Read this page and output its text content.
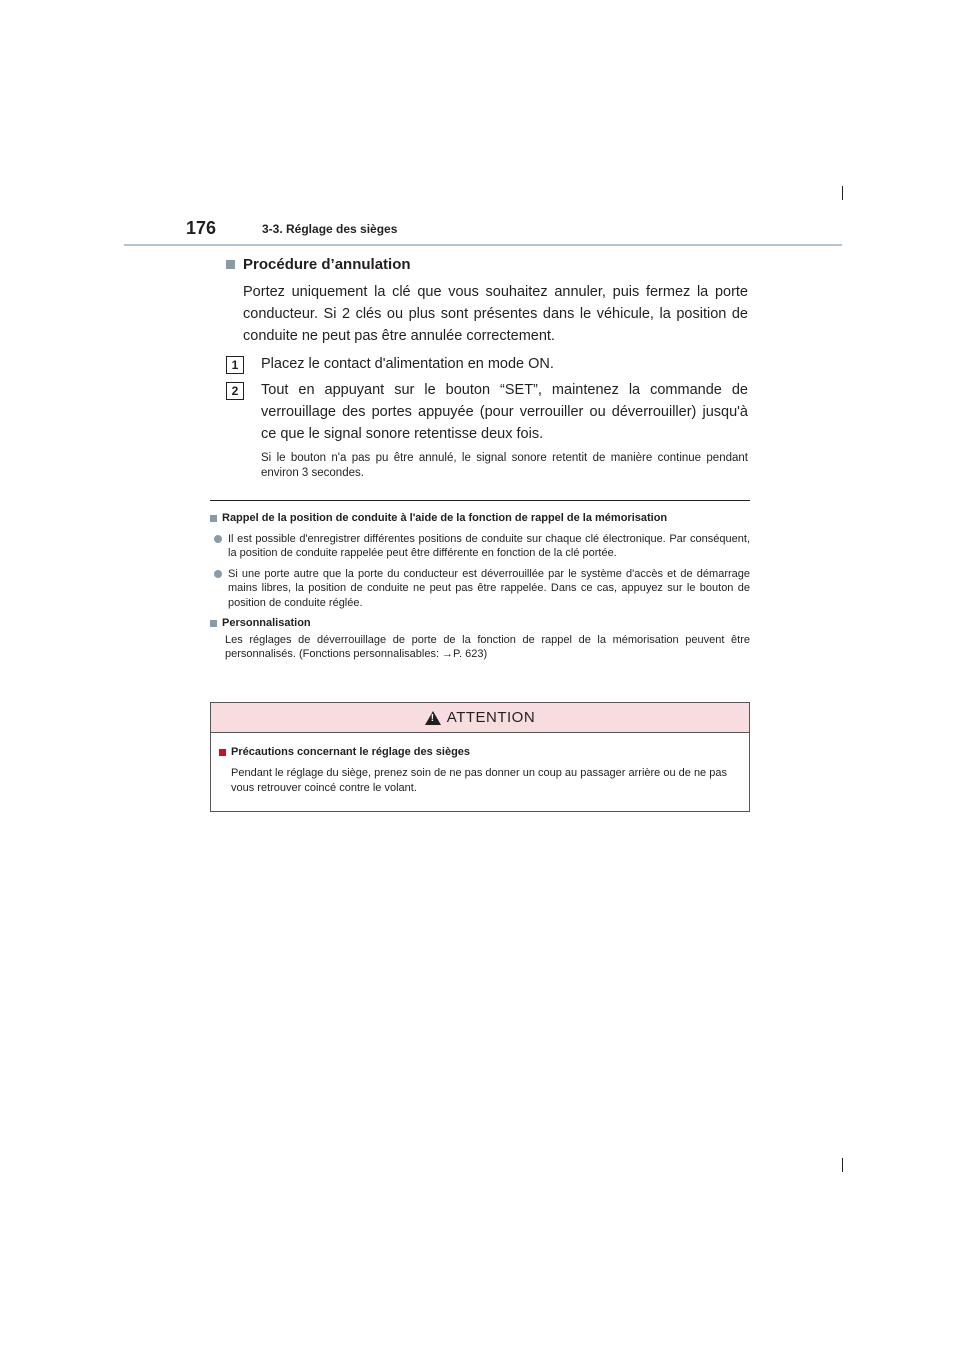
176	3-3. Réglage des sièges
Procédure d’annulation

Portez uniquement la clé que vous souhaitez annuler, puis fermez la porte conducteur. Si 2 clés ou plus sont présentes dans le véhicule, la position de conduite ne peut pas être annulée correctement.

1	Placez le contact d'alimentation en mode ON.
2	Tout en appuyant sur le bouton “SET”, maintenez la commande de verrouillage des portes appuyée (pour verrouiller ou déverrouiller) jusqu'à ce que le signal sonore retentisse deux fois.
Si le bouton n'a pas pu être annulé, le signal sonore retentit de manière continue pendant environ 3 secondes.
Rappel de la position de conduite à l'aide de la fonction de rappel de la mémorisation
Il est possible d'enregistrer différentes positions de conduite sur chaque clé électronique. Par conséquent, la position de conduite rappelée peut être différente en fonction de la clé portée.
Si une porte autre que la porte du conducteur est déverrouillée par le système d'accès et de démarrage mains libres, la position de conduite ne peut pas être rappelée. Dans ce cas, appuyez sur le bouton de position de conduite réglée.
Personnalisation
Les réglages de déverrouillage de porte de la fonction de rappel de la mémorisation peuvent être personnalisés. (Fonctions personnalisables: →P. 623)
!
ATTENTION
Précautions concernant le réglage des sièges
Pendant le réglage du siège, prenez soin de ne pas donner un coup au passager arrière ou de ne pas vous retrouver coincé contre le volant.
